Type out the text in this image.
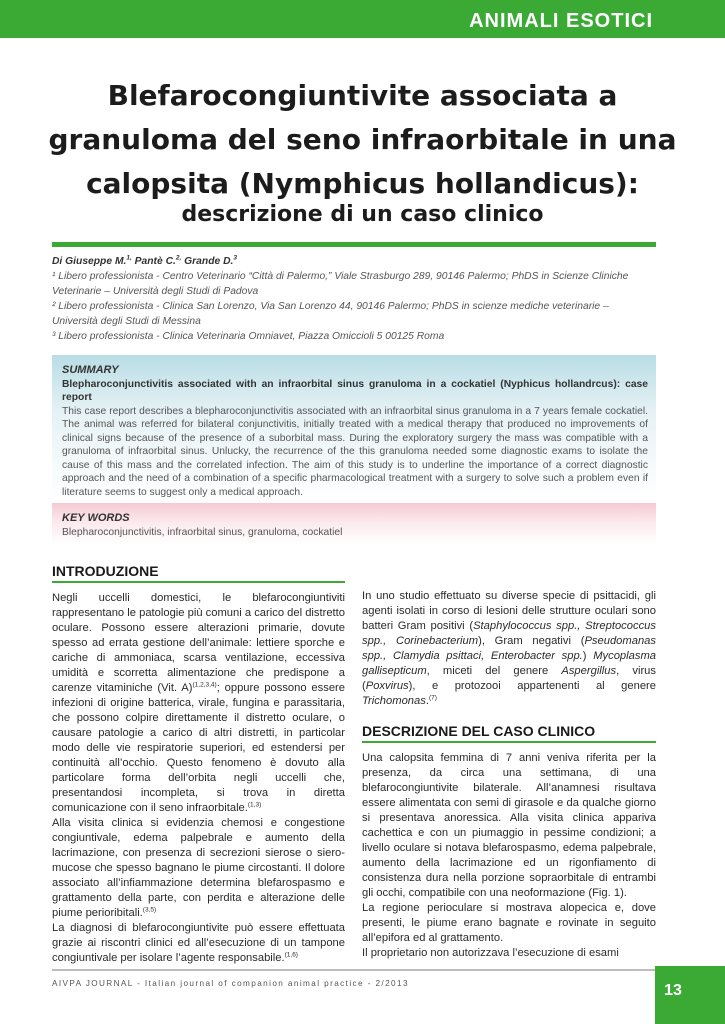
ANIMALI ESOTICI
Blefarocongiuntivite associata a granuloma del seno infraorbitale in una calopsita (Nymphicus hollandicus):
descrizione di un caso clinico
Di Giuseppe M.$^{1,}$ Pantè C.$^{2,}$ Grande D.$^3$

¹ Libero professionista - Centro Veterinario “Città di Palermo,” Viale Strasburgo 289, 90146 Palermo; PhDS in Scienze Cliniche Veterinarie – Università degli Studi di Padova

² Libero professionista - Clinica San Lorenzo, Via San Lorenzo 44, 90146 Palermo; PhDS in scienze mediche veterinarie – Università degli Studi di Messina

³ Libero professionista - Clinica Veterinaria Omniavet, Piazza Omiccioli 5 00125 Roma

SUMMARY
Blepharoconjunctivitis associated with an infraorbital sinus granuloma in a cockatiel (Nyphicus hollandrcus): case report
This case report describes a blepharoconjunctivitis associated with an infraorbital sinus granuloma in a 7 years female cockatiel. The animal was referred for bilateral conjunctivitis, initially treated with a medical therapy that produced no improvements of clinical signs because of the presence of a suborbital mass. During the exploratory surgery the mass was compatible with a granuloma of infraorbital sinus. Unlucky, the recurrence of the this granuloma needed some diagnostic exams to isolate the cause of this mass and the correlated infection. The aim of this study is to underline the importance of a correct diagnostic approach and the need of a combination of a specific pharmacological treatment with a surgery to solve such a problem even if literature seems to suggest only a medical approach.
KEY WORDS
Blepharoconjunctivitis, infraorbital sinus, granuloma, cockatiel
INTRODUZIONE

Negli uccelli domestici, le blefarocongiuntiviti rappresentano le patologie più comuni a carico del distretto oculare. Possono essere alterazioni primarie, dovute spesso ad errata gestione dell’animale: lettiere sporche e cariche di ammoniaca, scarsa ventilazione, eccessiva umidità e scorretta alimentazione che predispone a carenze vitaminiche (Vit. A)$^{(1,2,3,4)}$; oppure possono essere infezioni di origine batterica, virale, fungina e parassitaria, che possono colpire direttamente il distretto oculare, o causare patologie a carico di altri distretti, in particolar modo delle vie respiratorie superiori, ed estendersi per continuità all’occhio. Questo fenomeno è dovuto alla particolare forma dell’orbita negli uccelli che, presentandosi incompleta, si trova in diretta comunicazione con il seno infraorbitale.$^{(1,3)}$

Alla visita clinica si evidenzia chemosi e congestione congiuntivale, edema palpebrale e aumento della lacrimazione, con presenza di secrezioni sierose o siero-mucose che spesso bagnano le piume circostanti. Il dolore associato all’infiammazione determina blefarospasmo e grattamento della parte, con perdita e alterazione delle piume perioribitali.$^{(3,5)}$

La diagnosi di blefarocongiuntivite può essere effettuata grazie ai riscontri clinici ed all’esecuzione di un tampone congiuntivale per isolare l’agente responsabile.$^{(1,6)}$

In uno studio effettuato su diverse specie di psittacidi, gli agenti isolati in corso di lesioni delle strutture oculari sono batteri Gram positivi (Staphylococcus spp., Streptococcus spp., Corinebacterium), Gram negativi (Pseudomanas spp., Clamydia psittaci, Enterobacter spp.) Mycoplasma gallisepticum, miceti del genere Aspergillus, virus (Poxvirus), e protozooi appartenenti al genere Trichomonas.$^{(7)}$

DESCRIZIONE DEL CASO CLINICO

Una calopsita femmina di 7 anni veniva riferita per la presenza, da circa una settimana, di una blefarocongiuntivite bilaterale. All’anamnesi risultava essere alimentata con semi di girasole e da qualche giorno si presentava anoressica. Alla visita clinica appariva cachettica e con un piumaggio in pessime condizioni; a livello oculare si notava blefarospasmo, edema palpebrale, aumento della lacrimazione ed un rigonfiamento di consistenza dura nella porzione sopraorbitale di entrambi gli occhi, compatibile con una neoformazione (Fig. 1).

La regione perioculare si mostrava alopecica e, dove presenti, le piume erano bagnate e rovinate in seguito all’epifora ed al grattamento.

Il proprietario non autorizzava l’esecuzione di esami

AIVPA JOURNAL - Italian journal of companion animal practice - 2/2013	13
